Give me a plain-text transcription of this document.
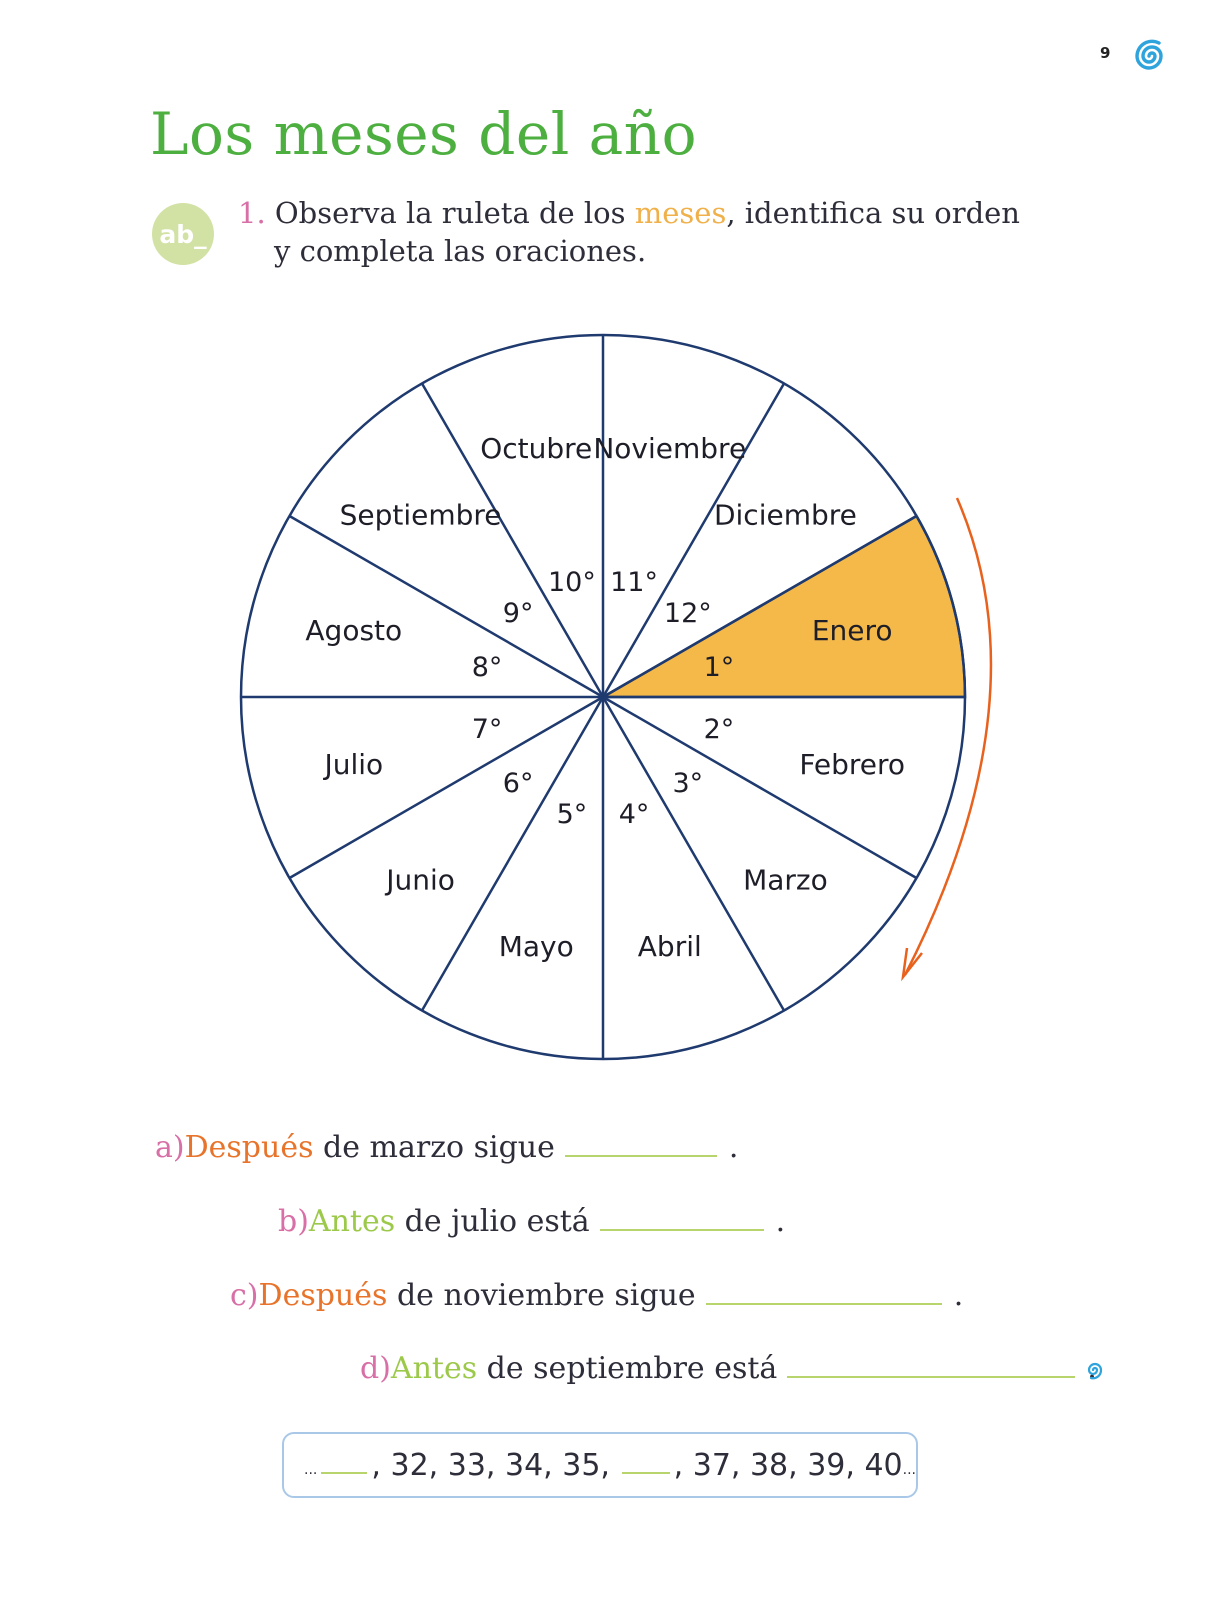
9
Los meses del año
ab_
1. Observa la ruleta de los meses, identifica su orden
y completa las oraciones.
Enero
Febrero
Marzo
Abril
Mayo
Junio
Julio
Agosto
Septiembre
Octubre Noviembre
Diciembre
1°
2°
3°
4°
5°
6°
7°
8°
9°
10° 11°
12°
a) Después
de marzo sigue	.
b) Antes
de julio está	.
c) Después
de noviembre sigue	.
d) Antes
de septiembre está	.
... , 32, 33, 34, 35, , 37, 38, 39, 40 ...
